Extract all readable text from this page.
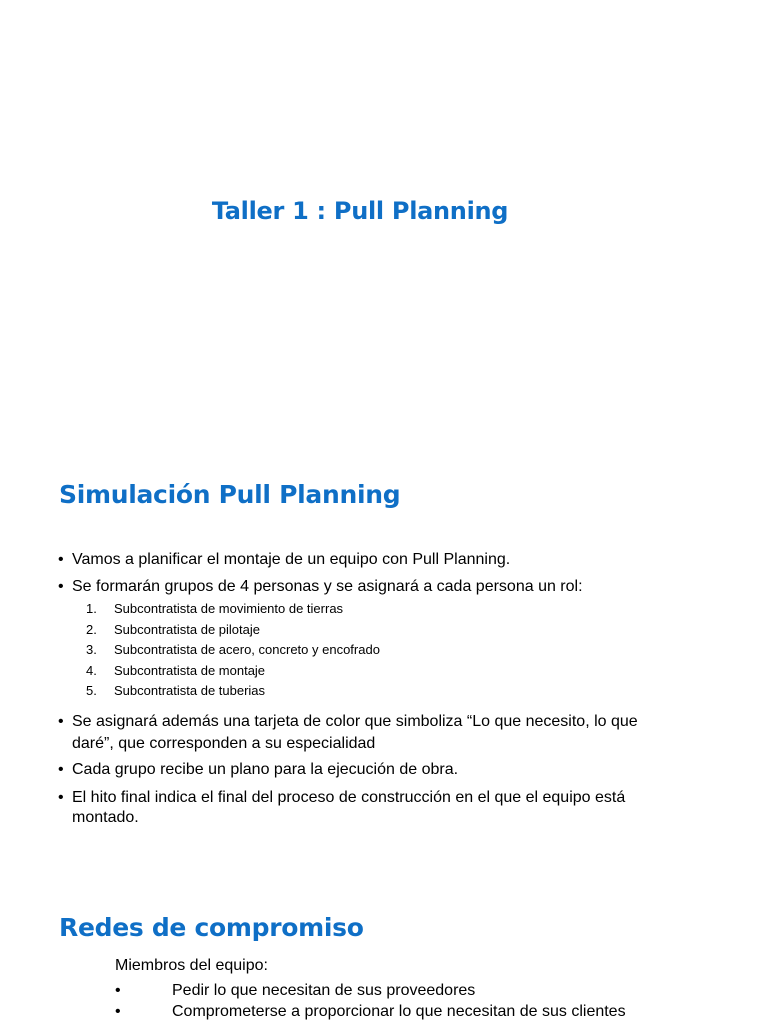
Taller 1 : Pull Planning
Simulación Pull Planning
• Vamos a planificar el montaje de un equipo con Pull Planning.
• Se formarán grupos de 4 personas y se asignará a cada persona un rol:
1.	Subcontratista de movimiento de tierras
2.	Subcontratista de pilotaje
3.	Subcontratista de acero, concreto y encofrado
4.	Subcontratista de montaje
5.	Subcontratista de tuberias
• Se asignará además una tarjeta de color que simboliza “Lo que necesito, lo que daré”, que corresponden a su especialidad
• Cada grupo recibe un plano para la ejecución de obra.
• El hito final indica el final del proceso de construcción en el que el equipo está montado.
Redes de compromiso
Miembros del equipo:
•	Pedir lo que necesitan de sus proveedores
•	Comprometerse a proporcionar lo que necesitan de sus clientes
